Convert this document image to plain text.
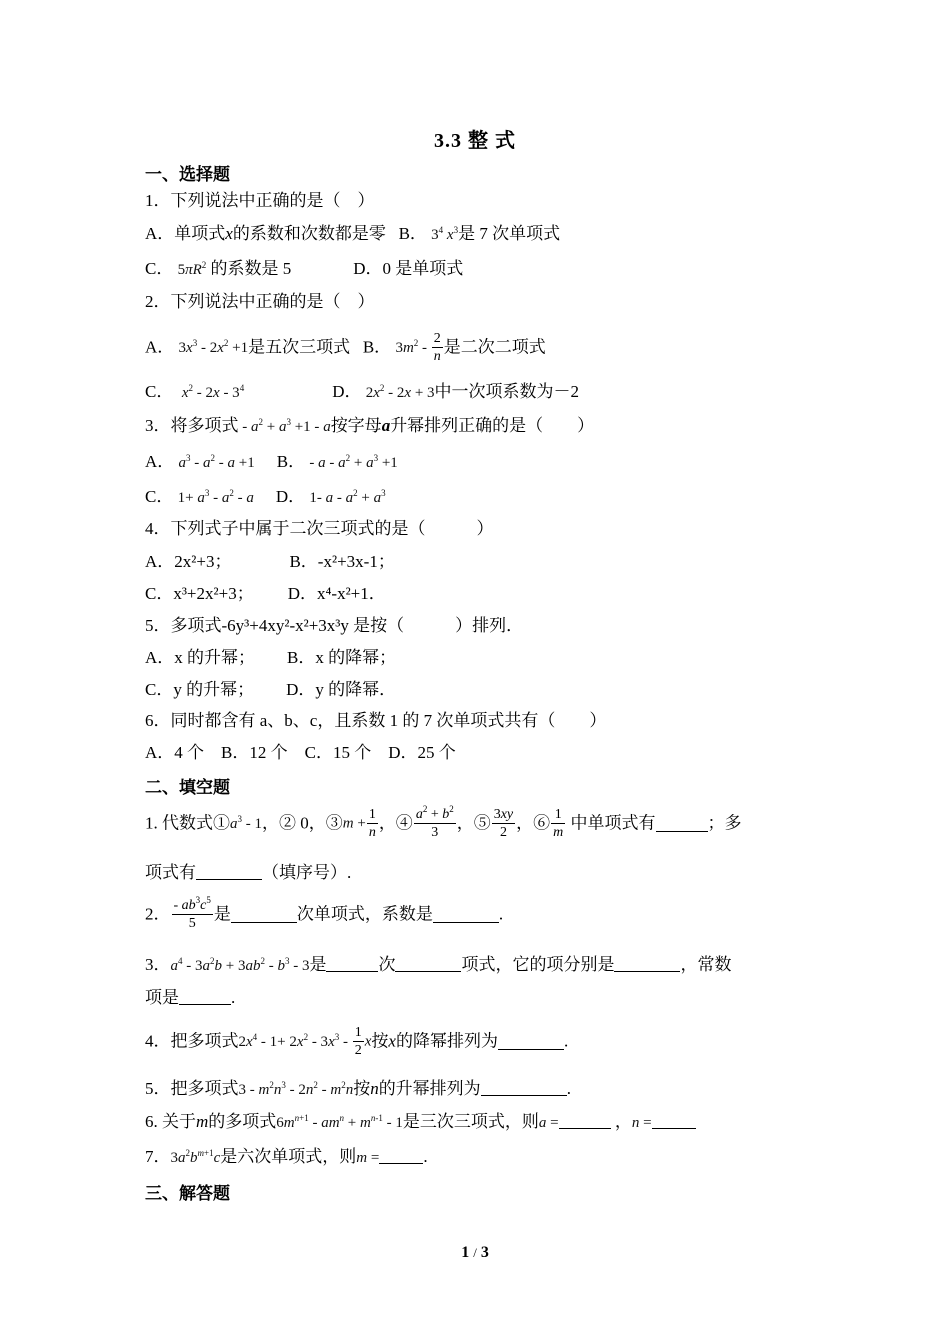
3.3 整 式
一、选择题
1．下列说法中正确的是（　）
A．单项式x的系数和次数都是零 B． $3^4$ $x^3$是 7 次单项式
C． $5\pi R^2$ 的系数是 5	D．0 是单项式
2．下列说法中正确的是（　）
A． $3x^3 - 2x^2 +1$是五次三项式 B． $3m^2 - \frac{2}{n}$ 是二次二项式
C． $x^2 - 2x - 3^4$	D． $2x^2 - 2x + 3$中一次项系数为－2
3．将多项式 - $a^2 + a^3 +1 - a$按字母a升幂排列正确的是（　　）
A． $a^3 - a^2 - a +1$ B． - $a - a^2 + a^3 +1$
C． $1+ a^3 - a^2 - a$ D． 1- $a - a^2 + a^3$
4．下列式子中属于二次三项式的是（　　　）
A．2x²+3；	B．-x²+3x-1；
C．x³+2x²+3； D．x⁴-x²+1．
5．多项式-6y³+4xy²-x²+3x³y 是按（　　　）排列．
A．x 的升幂； B．x 的降幂；
C．y 的升幂； D．y 的降幂．
6．同时都含有 a、b、c，且系数 1 的 7 次单项式共有（　　）
A．4 个　B．12 个　C．15 个　D．25 个
二、填空题
1. 代数式$①a^3 - 1$，② 0，③m + $\frac{1}{n}$ ，④ $\frac{a^2 + b^2}{3}$ ，⑤ $\frac{3xy}{2}$ ，⑥ $\frac{1}{m}$ 中单项式有	；多
项式有	（填序号）.
2． $\frac{- ab^3c^5}{5}$ 是	次单项式，系数是	.
3．$a^4 - 3a^2b + 3ab^2 - b^3 - 3$是	次	项式，它的项分别是	，常数
项是	.
4．把多项式$2x^4 - 1+ 2x^2 - 3x^3 - \frac{1}{2}$ x按x的降幂排列为	.
5．把多项式$3 - m^2n^3 - 2n^2 - m^2n$按n的升幂排列为	.
6. 关于m的多项式$6m^{n+1} - am^n + m^{n-1} - 1$是三次三项式，则a =	，n =
7．$3a^2b^{m+1}c$是六次单项式，则m =	.
三、解答题
1 / 3
